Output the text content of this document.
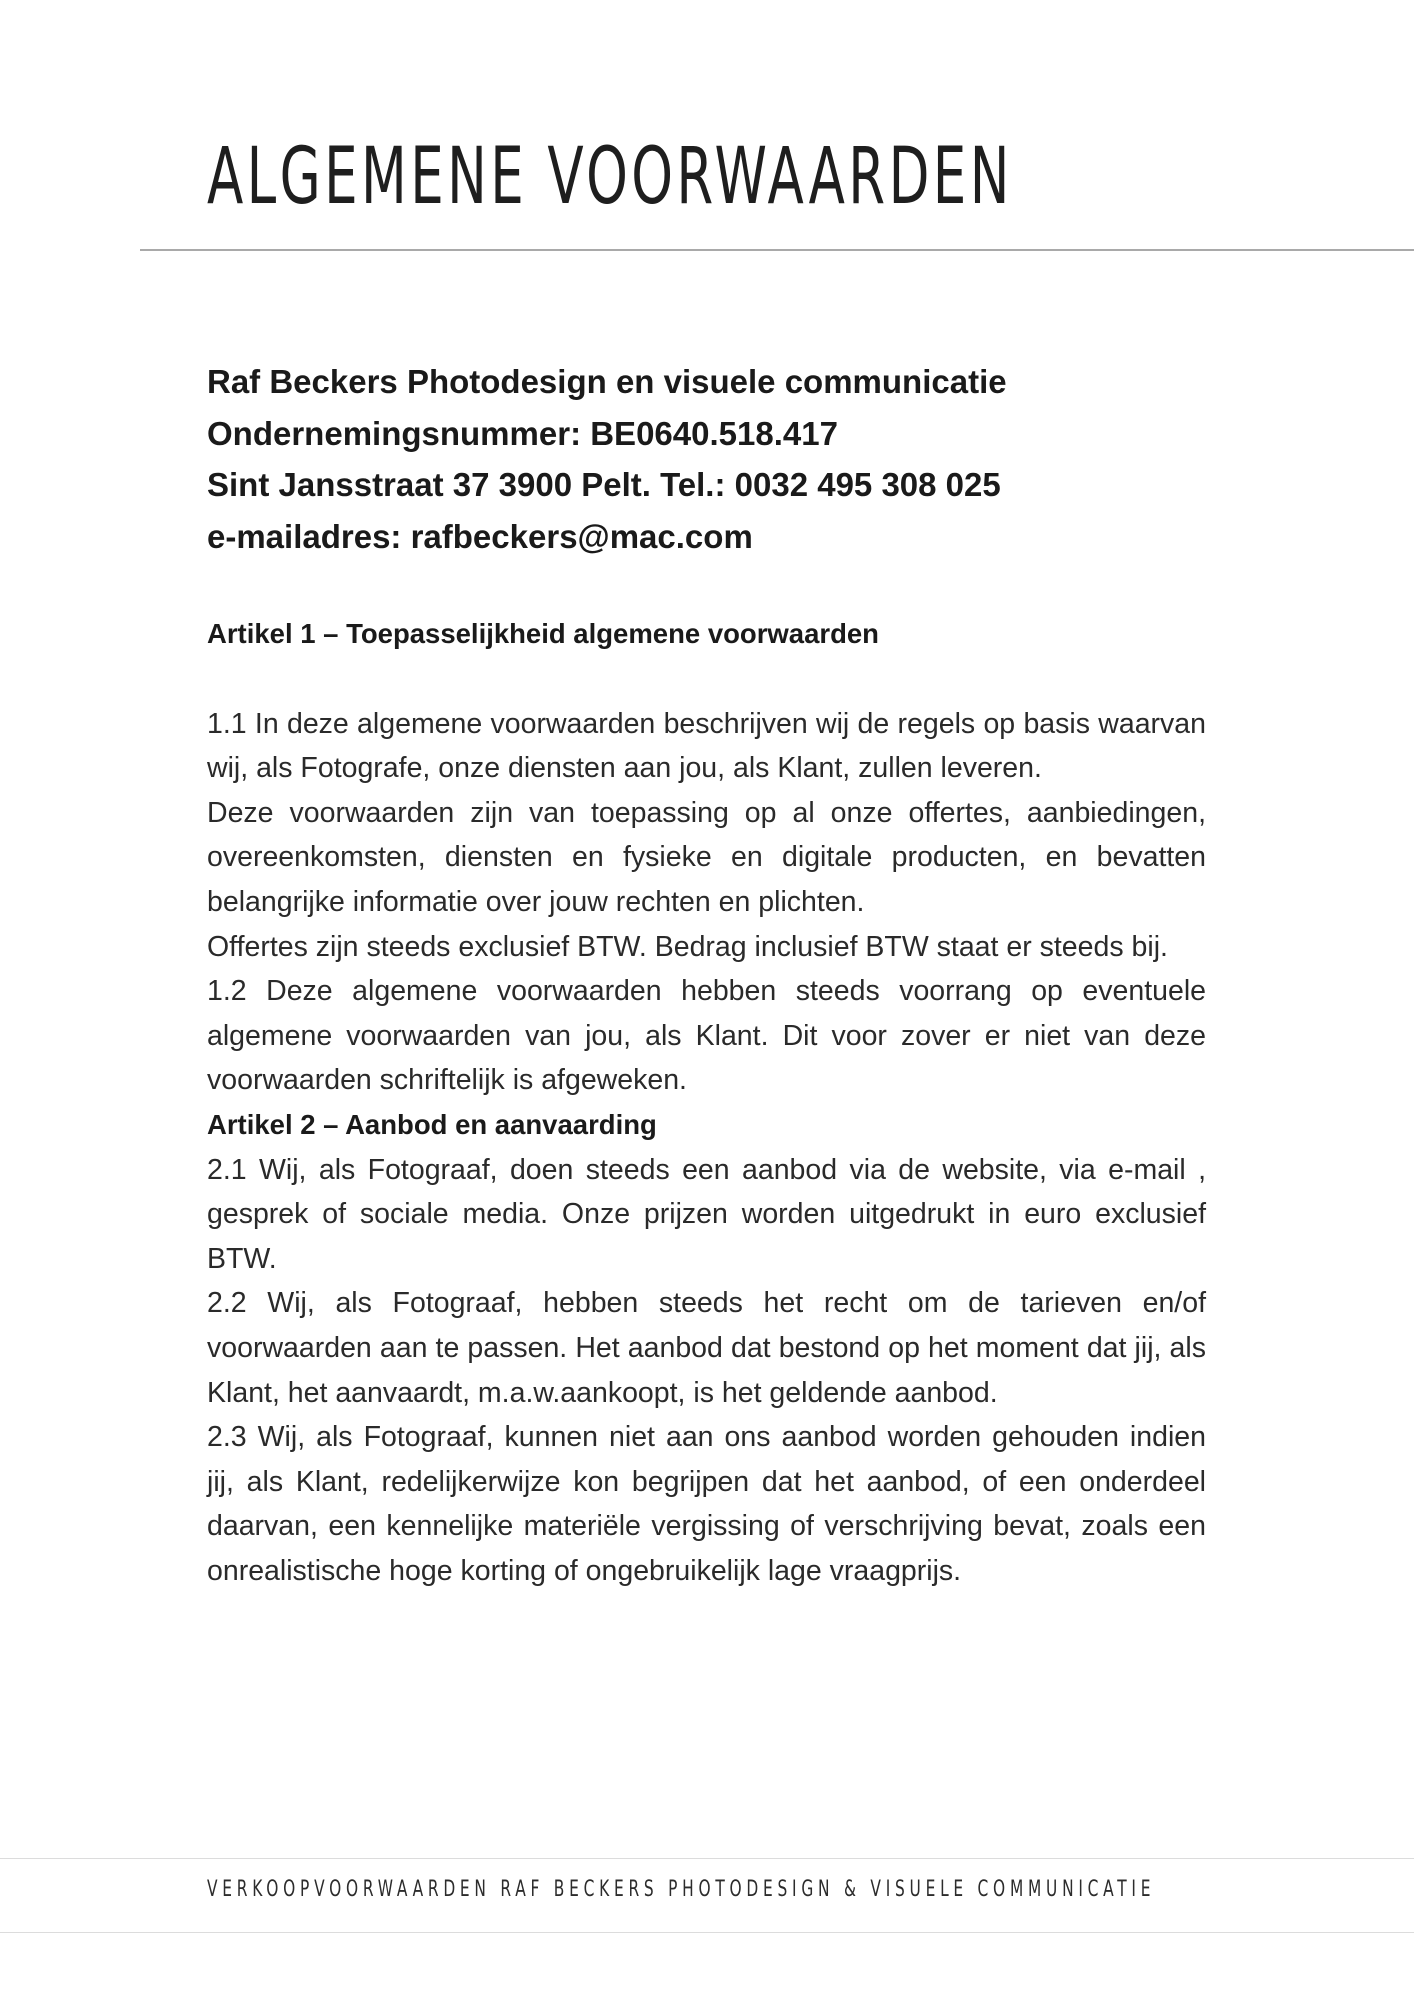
ALGEMENE VOORWAARDEN
Raf Beckers Photodesign en visuele communicatie
Ondernemingsnummer: BE0640.518.417
Sint Jansstraat 37 3900 Pelt. Tel.: 0032 495 308 025
e-mailadres: rafbeckers@mac.com
Artikel 1 – Toepasselijkheid algemene voorwaarden

1.1 In deze algemene voorwaarden beschrijven wij de regels op basis waarvan wij, als Fotografe, onze diensten aan jou, als Klant, zullen leveren.

Deze voorwaarden zijn van toepassing op al onze offertes, aanbiedingen, overeenkomsten, diensten en fysieke en digitale producten, en bevatten belangrijke informatie over jouw rechten en plichten.

Offertes zijn steeds exclusief BTW. Bedrag inclusief BTW staat er steeds bij.

1.2 Deze algemene voorwaarden hebben steeds voorrang op eventuele algemene voorwaarden van jou, als Klant. Dit voor zover er niet van deze voorwaarden schriftelijk is afgeweken.

Artikel 2 – Aanbod en aanvaarding

2.1 Wij, als Fotograaf, doen steeds een aanbod via de website, via e-mail , gesprek of sociale media. Onze prijzen worden uitgedrukt in euro exclusief BTW.

2.2 Wij, als Fotograaf, hebben steeds het recht om de tarieven en/of voorwaarden aan te passen. Het aanbod dat bestond op het moment dat jij, als Klant, het aanvaardt, m.a.w.aankoopt, is het geldende aanbod.

2.3 Wij, als Fotograaf, kunnen niet aan ons aanbod worden gehouden indien jij, als Klant, redelijkerwijze kon begrijpen dat het aanbod, of een onderdeel daarvan, een kennelijke materiële vergissing of verschrijving bevat, zoals een onrealistische hoge korting of ongebruikelijk lage vraagprijs.

VERKOOPVOORWAARDEN RAF BECKERS PHOTODESIGN & VISUELE COMMUNICATIE
